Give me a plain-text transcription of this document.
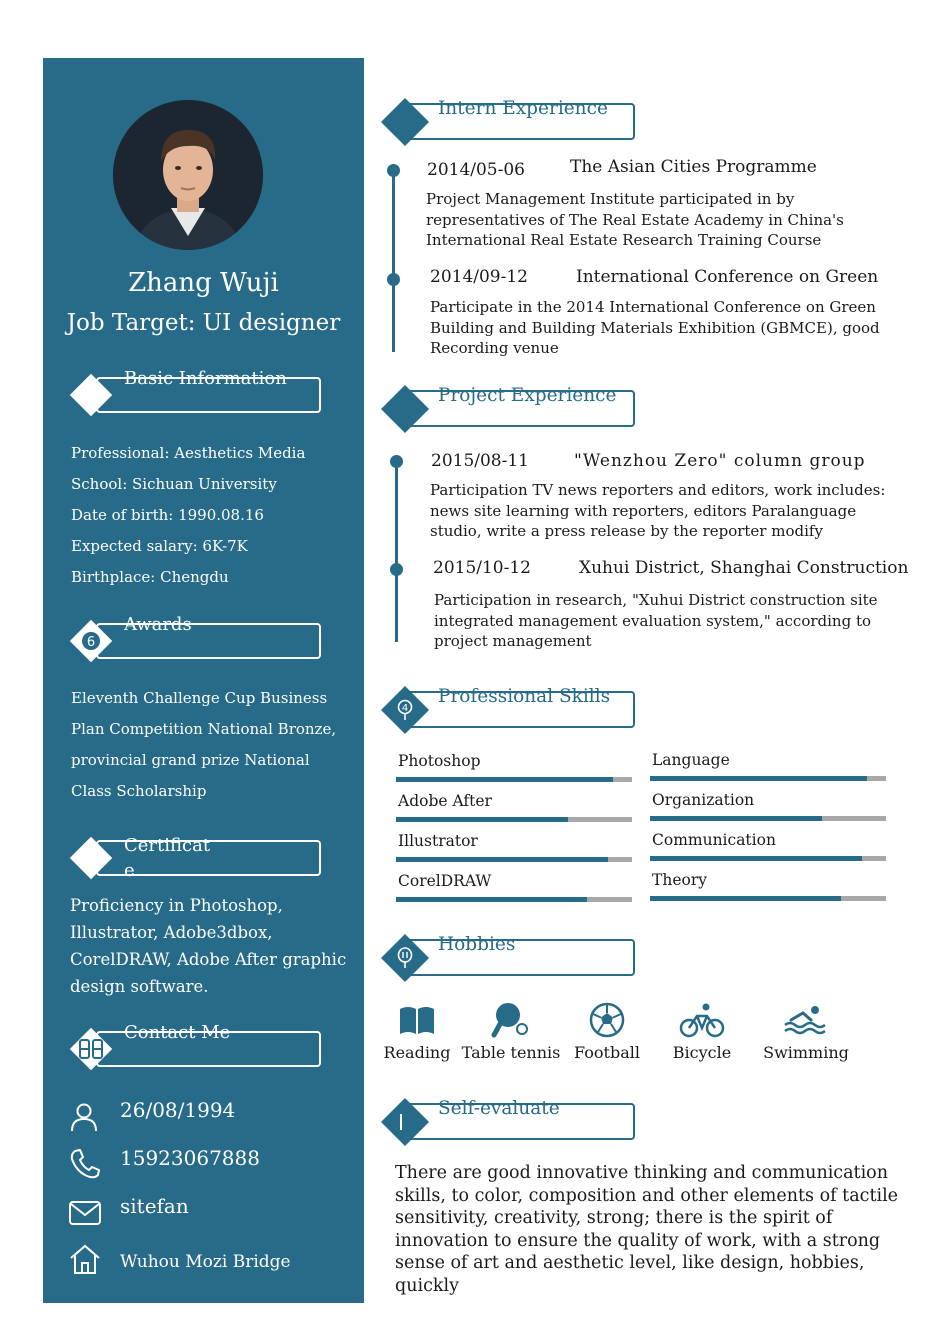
Zhang Wuji
Job Target: UI designer
Basic Information
Professional: Aesthetics Media
School: Sichuan University
Date of birth: 1990.08.16
Expected salary: 6K-7K
Birthplace: Chengdu
6
Awards
Eleventh Challenge Cup Business Plan Competition National Bronze, provincial grand prize National Class Scholarship
Certificat
e
Proficiency in Photoshop, Illustrator, Adobe3dbox, CorelDRAW, Adobe After graphic design software.
Contact Me
26/08/1994
15923067888
sitefan
Wuhou Mozi Bridge
Intern Experience
2014/05-06	The Asian Cities Programme
Project Management Institute participated in by representatives of The Real Estate Academy in China's International Real Estate Research Training Course
2014/09-12	International Conference on Green
Participate in the 2014 International Conference on Green Building and Building Materials Exhibition (GBMCE), good Recording venue
Project Experience
2015/08-11	"Wenzhou Zero" column group
Participation TV news reporters and editors, work includes: news site learning with reporters, editors Paralanguage studio, write a press release by the reporter modify
2015/10-12	Xuhui District, Shanghai Construction
Participation in research, "Xuhui District construction site integrated management evaluation system," according to project management
4
Professional Skills
Photoshop	Language
Adobe After	Organization
Illustrator	Communication
CorelDRAW	Theory
Hobbies
Reading Table tennis Football	Bicycle	Swimming
Self-evaluate
There are good innovative thinking and communication skills, to color, composition and other elements of tactile sensitivity, creativity, strong; there is the spirit of innovation to ensure the quality of work, with a strong sense of art and aesthetic level, like design, hobbies, quickly
